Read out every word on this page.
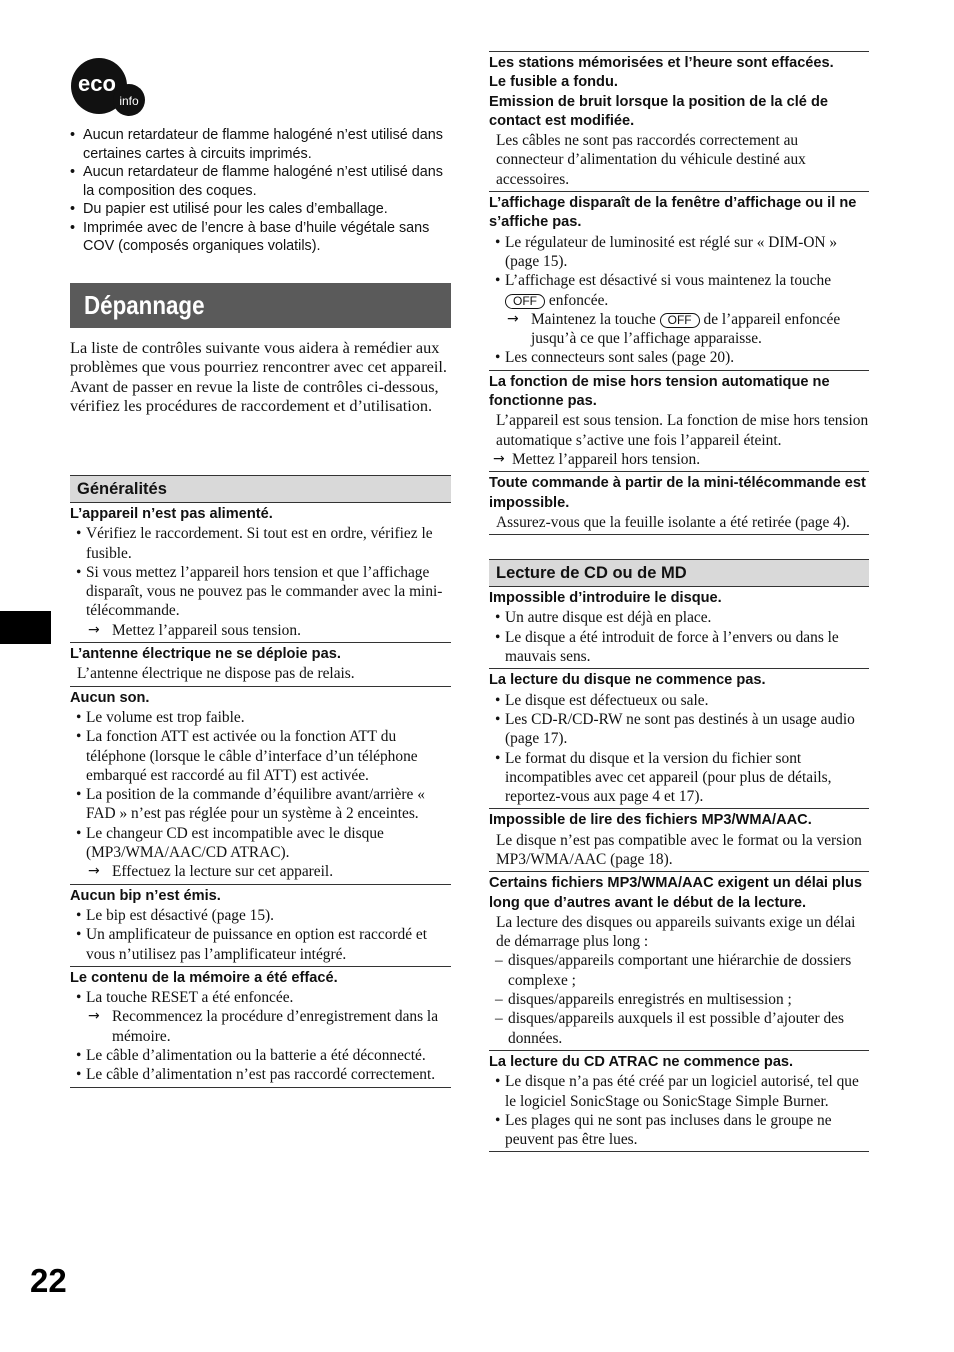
eco
info
• Aucun retardateur de flamme halogéné n’est utilisé dans certaines cartes à circuits imprimés.
• Aucun retardateur de flamme halogéné n’est utilisé dans la composition des coques.
• Du papier est utilisé pour les cales d’emballage.
• Imprimée avec de l’encre à base d’huile végétale sans COV (composés organiques volatils).
Dépannage
La liste de contrôles suivante vous aidera à remédier aux problèmes que vous pourriez rencontrer avec cet appareil.
Avant de passer en revue la liste de contrôles ci-dessous, vérifiez les procédures de raccordement et d’utilisation.
Généralités
L’appareil n’est pas alimenté.
• Vérifiez le raccordement. Si tout est en ordre, vérifiez le fusible.
• Si vous mettez l’appareil hors tension et que l’affichage disparaît, vous ne pouvez pas le commander avec la mini-télécommande.
→ Mettez l’appareil sous tension.
L’antenne électrique ne se déploie pas.
L’antenne électrique ne dispose pas de relais.
Aucun son.
• Le volume est trop faible.
• La fonction ATT est activée ou la fonction ATT du téléphone (lorsque le câble d’interface d’un téléphone embarqué est raccordé au fil ATT) est activée.
• La position de la commande d’équilibre avant/arrière « FAD » n’est pas réglée pour un système à 2 enceintes.
• Le changeur CD est incompatible avec le disque (MP3/WMA/AAC/CD ATRAC).
→ Effectuez la lecture sur cet appareil.
Aucun bip n’est émis.
• Le bip est désactivé (page 15).
• Un amplificateur de puissance en option est raccordé et vous n’utilisez pas l’amplificateur intégré.
Le contenu de la mémoire a été effacé.
• La touche RESET a été enfoncée.
→ Recommencez la procédure d’enregistrement dans la mémoire.
• Le câble d’alimentation ou la batterie a été déconnecté.
• Le câble d’alimentation n’est pas raccordé correctement.
Les stations mémorisées et l’heure sont effacées.
Le fusible a fondu.
Emission de bruit lorsque la position de la clé de contact est modifiée.
Les câbles ne sont pas raccordés correctement au connecteur d’alimentation du véhicule destiné aux accessoires.
L’affichage disparaît de la fenêtre d’affichage ou il ne s’affiche pas.
• Le régulateur de luminosité est réglé sur « DIM-ON » (page 15).
• L’affichage est désactivé si vous maintenez la touche OFF enfoncée.
→ Maintenez la touche OFF de l’appareil enfoncée jusqu’à ce que l’affichage apparaisse.
• Les connecteurs sont sales (page 20).
La fonction de mise hors tension automatique ne fonctionne pas.
L’appareil est sous tension. La fonction de mise hors tension automatique s’active une fois l’appareil éteint.
→ Mettez l’appareil hors tension.
Toute commande à partir de la mini-télécommande est impossible.
Assurez-vous que la feuille isolante a été retirée (page 4).
Lecture de CD ou de MD
Impossible d’introduire le disque.
• Un autre disque est déjà en place.
• Le disque a été introduit de force à l’envers ou dans le mauvais sens.
La lecture du disque ne commence pas.
• Le disque est défectueux ou sale.
• Les CD-R/CD-RW ne sont pas destinés à un usage audio (page 17).
• Le format du disque et la version du fichier sont incompatibles avec cet appareil (pour plus de détails, reportez-vous aux page 4 et 17).
Impossible de lire des fichiers MP3/WMA/AAC.
Le disque n’est pas compatible avec le format ou la version MP3/WMA/AAC (page 18).
Certains fichiers MP3/WMA/AAC exigent un délai plus long que d’autres avant le début de la lecture.
La lecture des disques ou appareils suivants exige un délai de démarrage plus long :
– disques/appareils comportant une hiérarchie de dossiers complexe ;
– disques/appareils enregistrés en multisession ;
– disques/appareils auxquels il est possible d’ajouter des données.
La lecture du CD ATRAC ne commence pas.
• Le disque n’a pas été créé par un logiciel autorisé, tel que le logiciel SonicStage ou SonicStage Simple Burner.
• Les plages qui ne sont pas incluses dans le groupe ne peuvent pas être lues.
22
